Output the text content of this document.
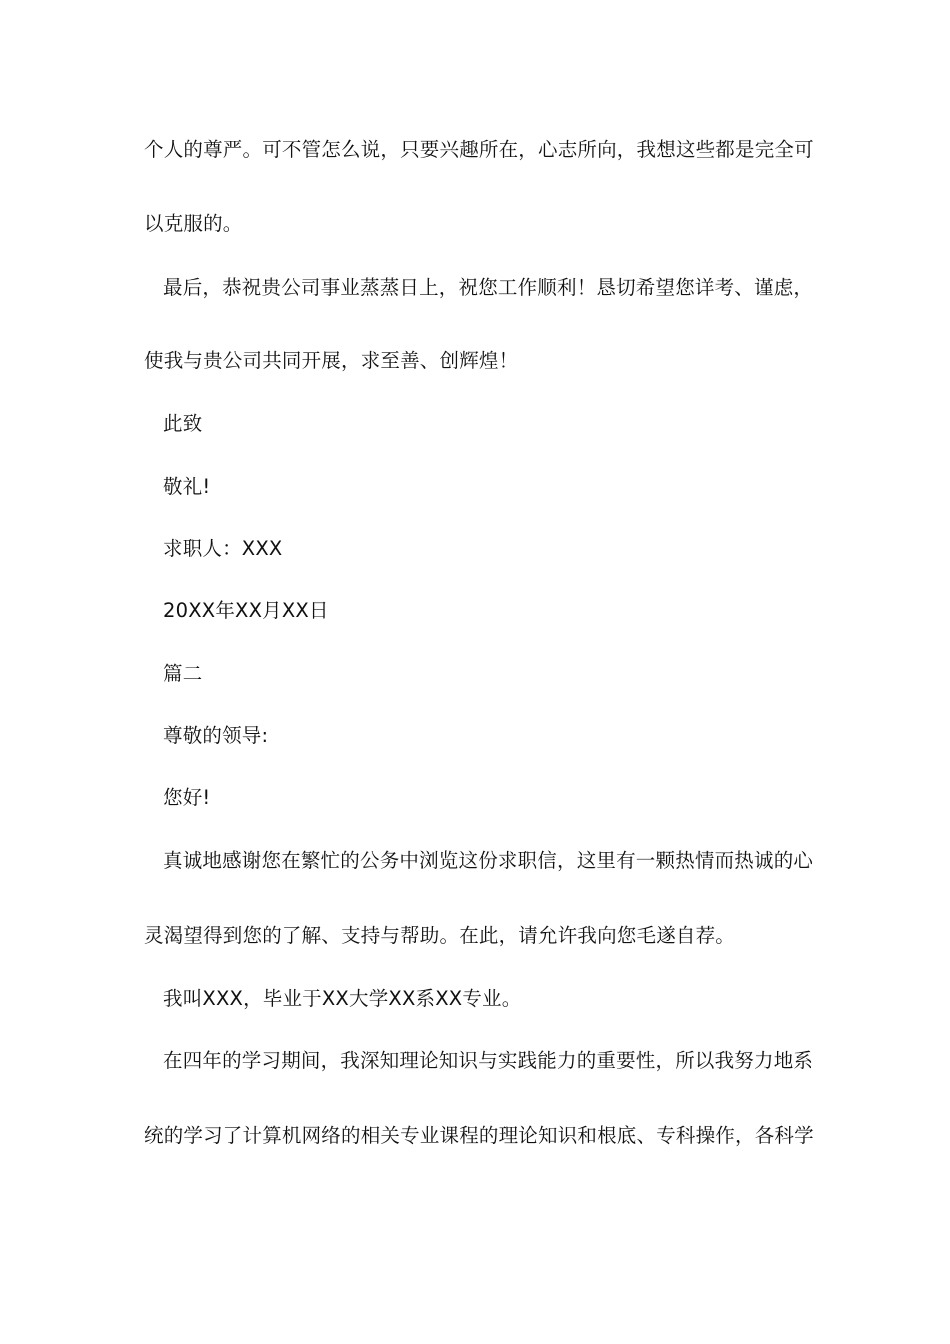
个人的尊严。可不管怎么说，只要兴趣所在，心志所向，我想这些都是完全可
以克服的。
最后，恭祝贵公司事业蒸蒸日上，祝您工作顺利！恳切希望您详考、谨虑，
使我与贵公司共同开展，求至善、创辉煌！
此致
敬礼!
求职人：XXX
20XX年XX月XX日
篇二
尊敬的领导:
您好!
真诚地感谢您在繁忙的公务中浏览这份求职信，这里有一颗热情而热诚的心
灵渴望得到您的了解、支持与帮助。在此，请允许我向您毛遂自荐。
我叫XXX，毕业于XX大学XX系XX专业。
在四年的学习期间，我深知理论知识与实践能力的重要性，所以我努力地系
统的学习了计算机网络的相关专业课程的理论知识和根底、专科操作，各科学
